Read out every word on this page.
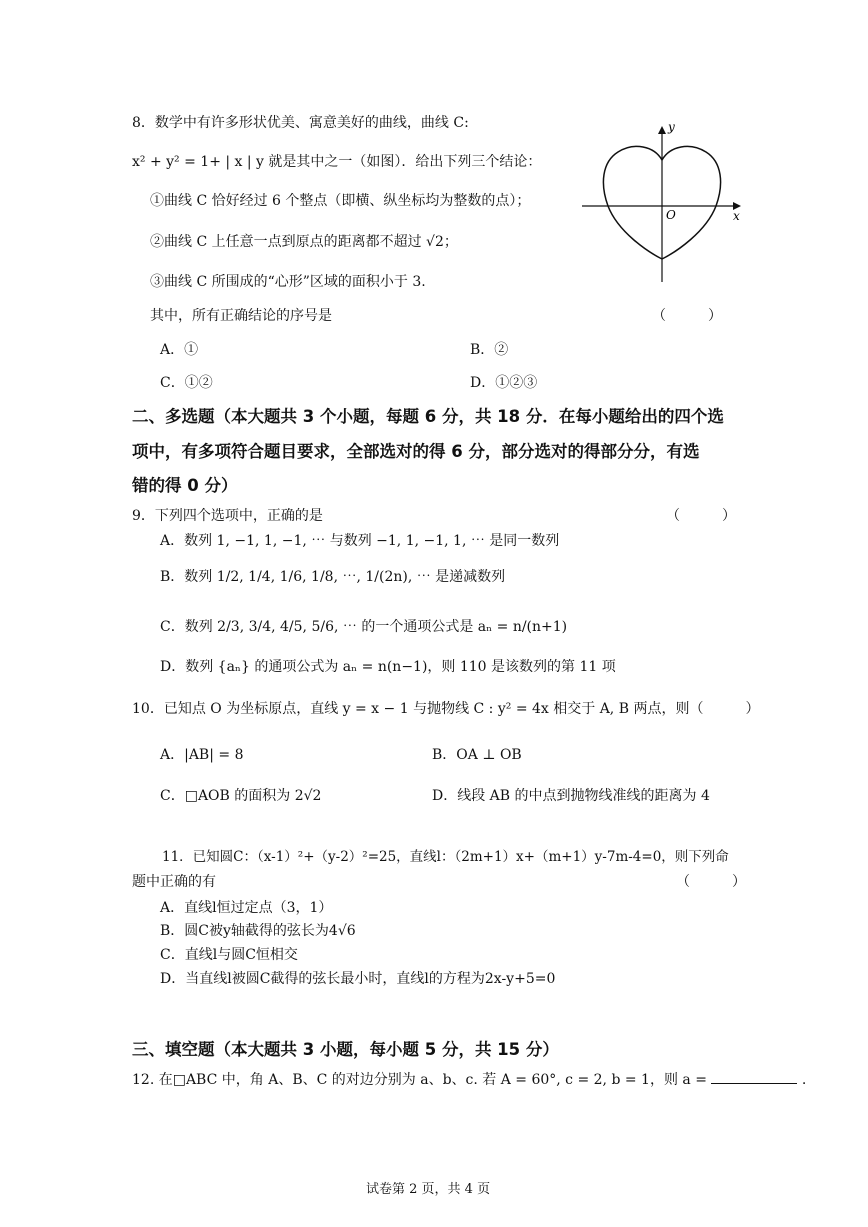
8．数学中有许多形状优美、寓意美好的曲线，曲线 C:
x² + y² = 1+ | x | y 就是其中之一（如图）．给出下列三个结论：
①曲线 C 恰好经过 6 个整点（即横、纵坐标均为整数的点）；
②曲线 C 上任意一点到原点的距离都不超过 √2；
③曲线 C 所围成的“心形”区域的面积小于 3.
其中，所有正确结论的序号是	（　　　）
A．①	B．②
C．①②	D．①②③
y
x
O
二、多选题（本大题共 3 个小题，每题 6 分，共 18 分．在每小题给出的四个选
项中，有多项符合题目要求，全部选对的得 6 分，部分选对的得部分分，有选
错的得 0 分）
9．下列四个选项中，正确的是	（　　　）
A．数列 1, −1, 1, −1, ⋯ 与数列 −1, 1, −1, 1, ⋯ 是同一数列
B．数列 1/2, 1/4, 1/6, 1/8, ⋯, 1/(2n), ⋯ 是递减数列
C．数列 2/3, 3/4, 4/5, 5/6, ⋯ 的一个通项公式是 aₙ = n/(n+1)
D．数列 {aₙ} 的通项公式为 aₙ = n(n−1)，则 110 是该数列的第 11 项
10．已知点 O 为坐标原点，直线 y = x − 1 与抛物线 C : y² = 4x 相交于 A, B 两点，则（　　　）
A．|AB| = 8	B．OA ⊥ OB
C．□AOB 的面积为 2√2	D．线段 AB 的中点到抛物线准线的距离为 4
11．已知圆C：（x-1）²+（y-2）²=25，直线l：（2m+1）x+（m+1）y-7m-4=0，则下列命
题中正确的有	（　　　）
A．直线l恒过定点（3，1）
B．圆C被y轴截得的弦长为4√6
C．直线l与圆C恒相交
D．当直线l被圆C截得的弦长最小时，直线l的方程为2x-y+5=0
三、填空题（本大题共 3 小题，每小题 5 分，共 15 分）
12. 在□ABC 中，角 A、B、C 的对边分别为 a、b、c. 若 A = 60°, c = 2, b = 1，则 a =	.
试卷第 2 页，共 4 页
